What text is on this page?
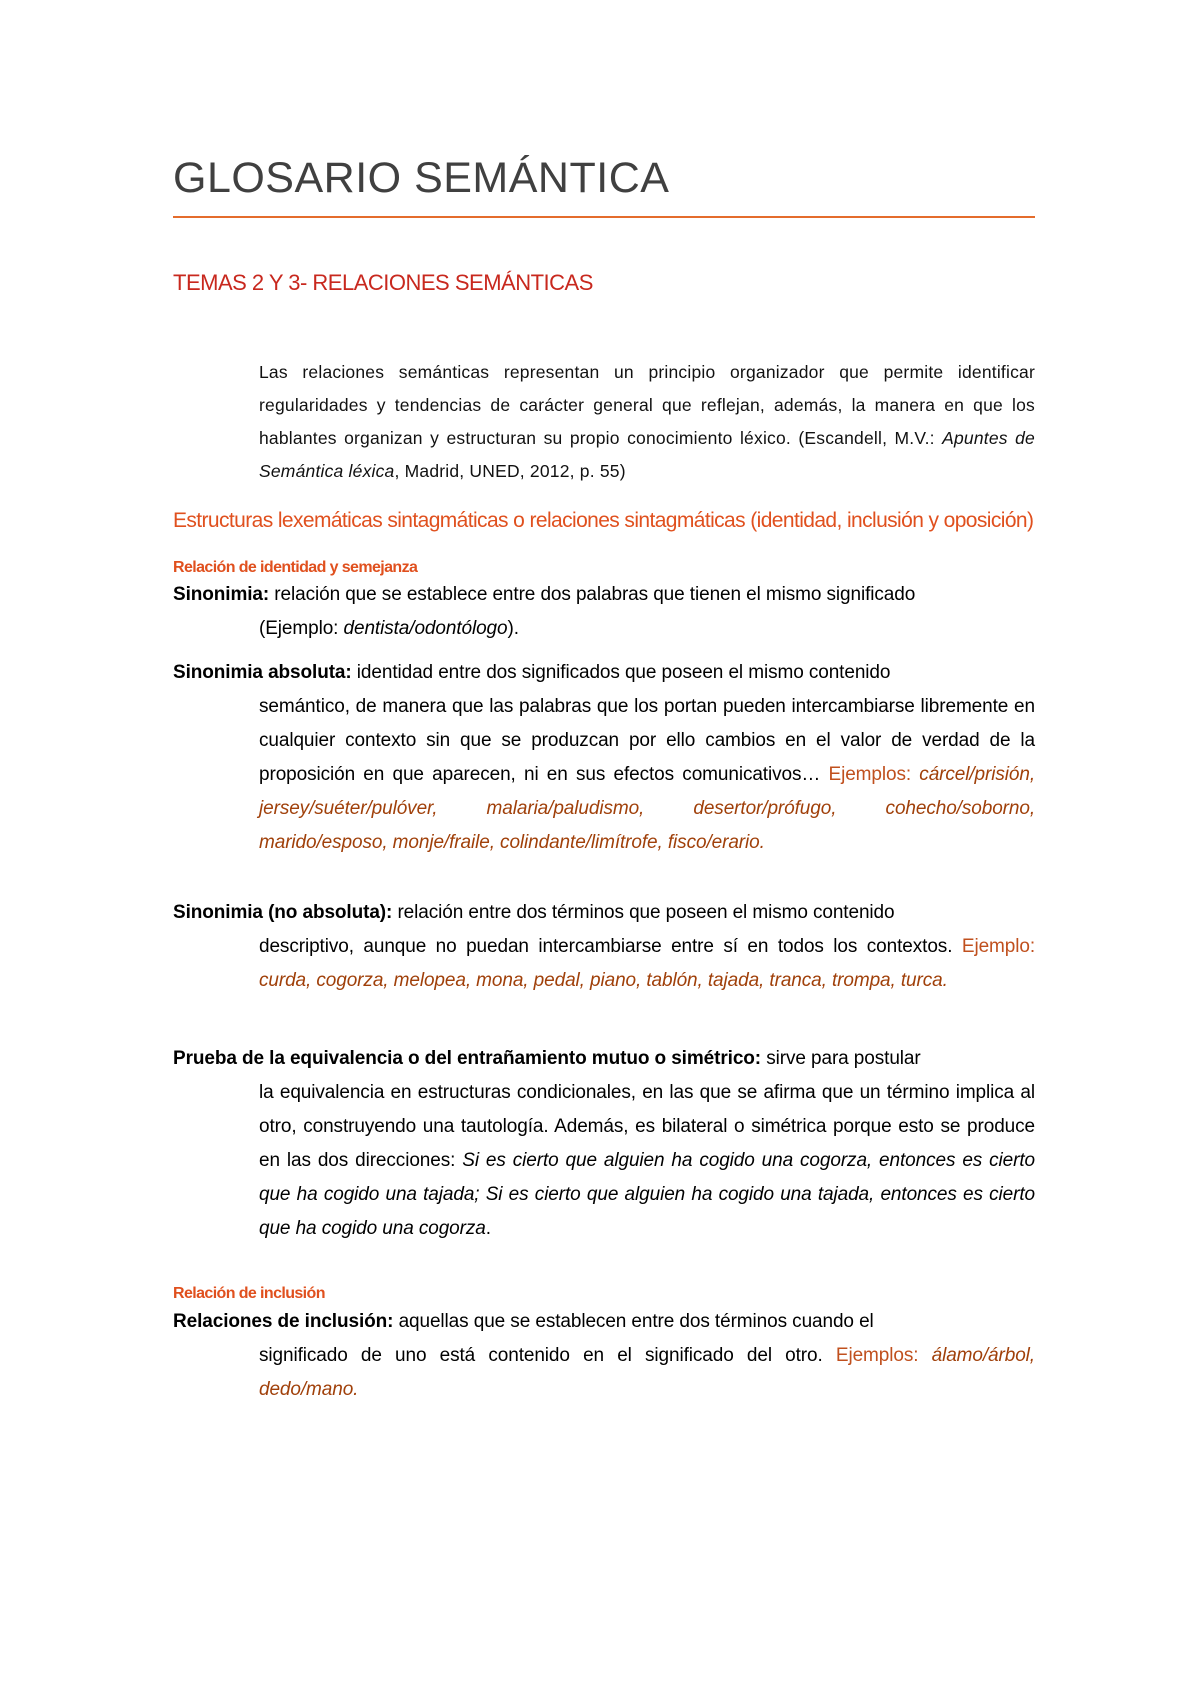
GLOSARIO SEMÁNTICA
TEMAS 2 Y 3- RELACIONES SEMÁNTICAS
Las relaciones semánticas representan un principio organizador que permite identificar regularidades y tendencias de carácter general que reflejan, además, la manera en que los hablantes organizan y estructuran su propio conocimiento léxico. (Escandell, M.V.: Apuntes de Semántica léxica, Madrid, UNED, 2012, p. 55)
Estructuras lexemáticas sintagmáticas o relaciones sintagmáticas (identidad, inclusión y oposición)
Relación de identidad y semejanza
Sinonimia: relación que se establece entre dos palabras que tienen el mismo significado
(Ejemplo: dentista/odontólogo).
Sinonimia absoluta: identidad entre dos significados que poseen el mismo contenido
semántico, de manera que las palabras que los portan pueden intercambiarse libremente en cualquier contexto sin que se produzcan por ello cambios en el valor de verdad de la proposición en que aparecen, ni en sus efectos comunicativos… Ejemplos: cárcel/prisión, jersey/suéter/pulóver, malaria/paludismo, desertor/prófugo, cohecho/soborno, marido/esposo, monje/fraile, colindante/limítrofe, fisco/erario.
Sinonimia (no absoluta): relación entre dos términos que poseen el mismo contenido
descriptivo, aunque no puedan intercambiarse entre sí en todos los contextos. Ejemplo: curda, cogorza, melopea, mona, pedal, piano, tablón, tajada, tranca, trompa, turca.
Prueba de la equivalencia o del entrañamiento mutuo o simétrico: sirve para postular
la equivalencia en estructuras condicionales, en las que se afirma que un término implica al otro, construyendo una tautología. Además, es bilateral o simétrica porque esto se produce en las dos direcciones: Si es cierto que alguien ha cogido una cogorza, entonces es cierto que ha cogido una tajada; Si es cierto que alguien ha cogido una tajada, entonces es cierto que ha cogido una cogorza.
Relación de inclusión
Relaciones de inclusión: aquellas que se establecen entre dos términos cuando el
significado de uno está contenido en el significado del otro. Ejemplos: álamo/árbol, dedo/mano.
